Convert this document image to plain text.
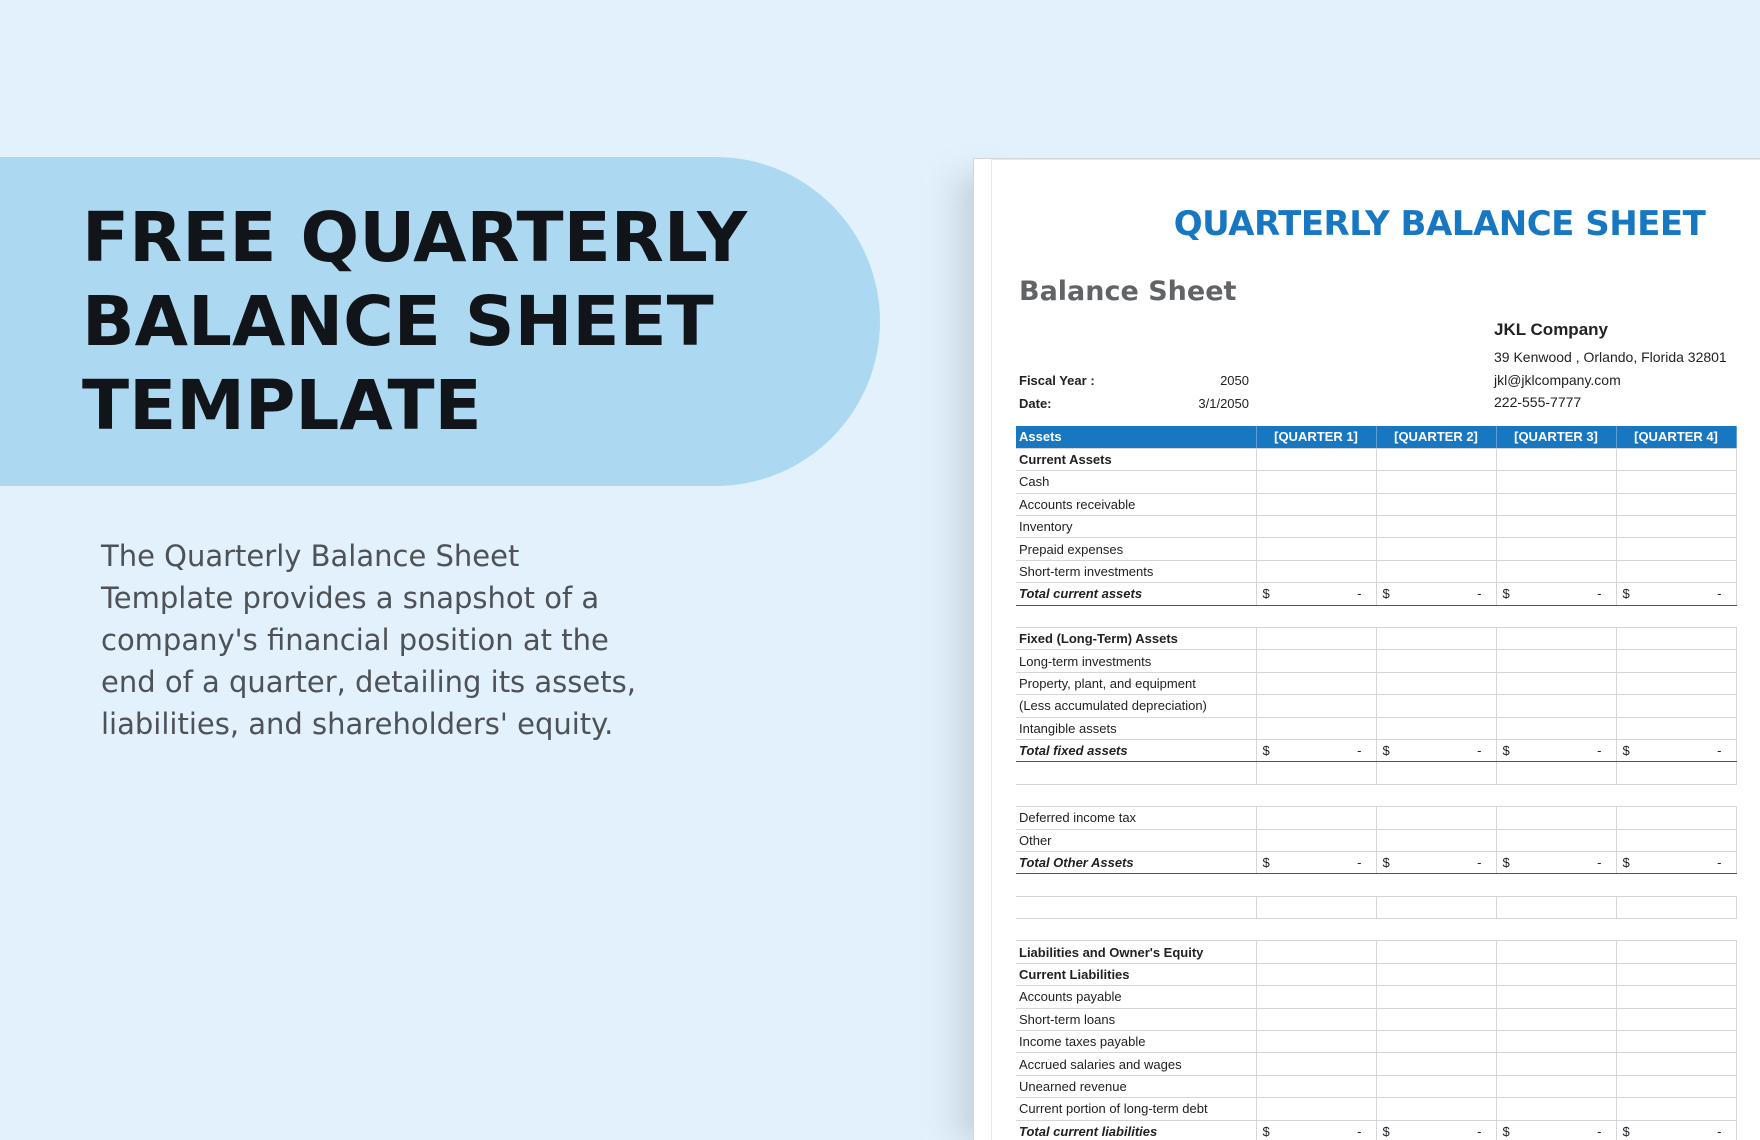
FREE QUARTERLY
BALANCE SHEET
TEMPLATE
The Quarterly Balance Sheet
Template provides a snapshot of a
company's financial position at the
end of a quarter, detailing its assets,
liabilities, and shareholders' equity.
QUARTERLY BALANCE SHEET
Balance Sheet
JKL Company
39 Kenwood , Orlando, Florida 32801
jkl@jklcompany.com
222-555-7777
Fiscal Year :	2050
Date:	3/1/2050
Assets	[QUARTER 1]	[QUARTER 2]	[QUARTER 3]	[QUARTER 4]
Current Assets				
Cash				
Accounts receivable				
Inventory				
Prepaid expenses				
Short-term investments				
Total current assets	$ -	$ -	$ -	$ -

Fixed (Long-Term) Assets				
Long-term investments				
Property, plant, and equipment				
(Less accumulated depreciation)				
Intangible assets				
Total fixed assets	$ -	$ -	$ -	$ -

Deferred income tax				
Other				
Total Other Assets	$ -	$ -	$ -	$ -

Liabilities and Owner's Equity				
Current Liabilities				
Accounts payable				
Short-term loans				
Income taxes payable				
Accrued salaries and wages				
Unearned revenue				
Current portion of long-term debt				
Total current liabilities	$ -	$ -	$ -	$ -
